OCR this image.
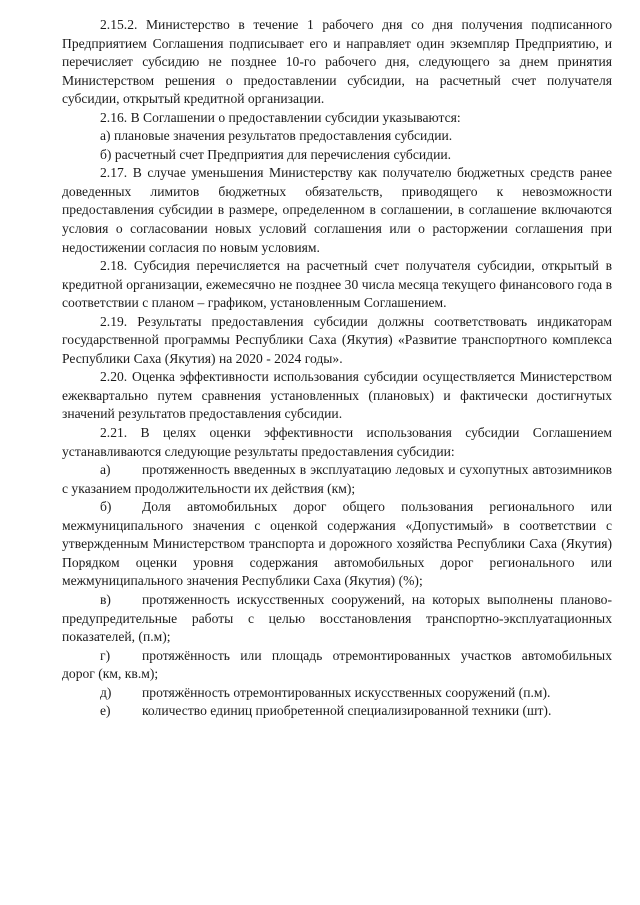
2.15.2. Министерство в течение 1 рабочего дня со дня получения подписанного Предприятием Соглашения подписывает его и направляет один экземпляр Предприятию, и перечисляет субсидию не позднее 10-го рабочего дня, следующего за днем принятия Министерством решения о предоставлении субсидии, на расчетный счет получателя субсидии, открытый кредитной организации.

2.16. В Соглашении о предоставлении субсидии указываются:

а) плановые значения результатов предоставления субсидии.

б) расчетный счет Предприятия для перечисления субсидии.

2.17. В случае уменьшения Министерству как получателю бюджетных средств ранее доведенных лимитов бюджетных обязательств, приводящего к невозможности предоставления субсидии в размере, определенном в соглашении, в соглашение включаются условия о согласовании новых условий соглашения или о расторжении соглашения при недостижении согласия по новым условиям.

2.18. Субсидия перечисляется на расчетный счет получателя субсидии, открытый в кредитной организации, ежемесячно не позднее 30 числа месяца текущего финансового года в соответствии с планом – графиком, установленным Соглашением.

2.19. Результаты предоставления субсидии должны соответствовать индикаторам государственной программы Республики Саха (Якутия) «Развитие транспортного комплекса Республики Саха (Якутия) на 2020 - 2024 годы».

2.20. Оценка эффективности использования субсидии осуществляется Министерством ежеквартально путем сравнения установленных (плановых) и фактически достигнутых значений результатов предоставления субсидии.

2.21. В целях оценки эффективности использования субсидии Соглашением устанавливаются следующие результаты предоставления субсидии:

а) протяженность введенных в эксплуатацию ледовых и сухопутных автозимников с указанием продолжительности их действия (км);

б) Доля автомобильных дорог общего пользования регионального или межмуниципального значения с оценкой содержания «Допустимый» в соответствии с утвержденным Министерством транспорта и дорожного хозяйства Республики Саха (Якутия) Порядком оценки уровня содержания автомобильных дорог регионального или межмуниципального значения Республики Саха (Якутия) (%);

в) протяженность искусственных сооружений, на которых выполнены планово-предупредительные работы с целью восстановления транспортно-эксплуатационных показателей, (п.м);

г) протяжённость или площадь отремонтированных участков автомобильных дорог (км, кв.м);

д) протяжённость отремонтированных искусственных сооружений (п.м).

е) количество единиц приобретенной специализированной техники (шт).
